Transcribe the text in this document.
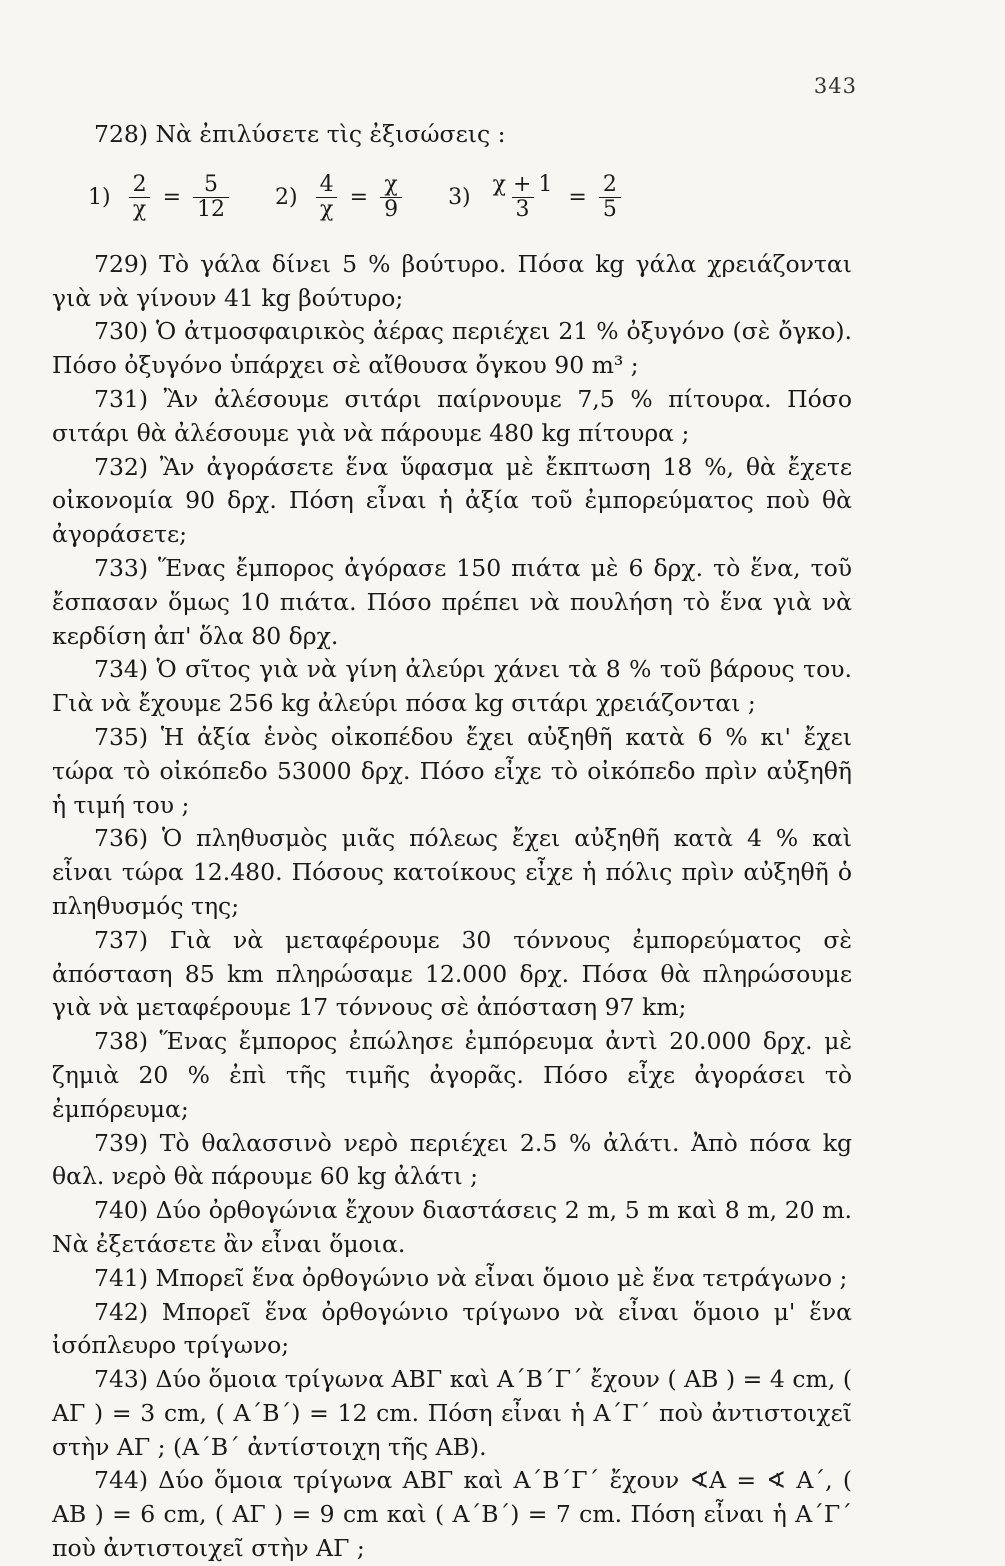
343

728) Νὰ ἐπιλύσετε τὶς ἐξισώσεις :

$1) \frac{2}{\chi} = \frac{5}{12} 2) \frac{4}{\chi} = \frac{\chi}{9} 3) \frac{\chi + 1}{3} = \frac{2}{5}$

729) Τὸ γάλα δίνει 5 % βούτυρο. Πόσα kg γάλα χρειάζονται γιὰ νὰ γίνουν 41 kg βούτυρο;

730) Ὁ ἀτμοσφαιρικὸς ἀέρας περιέχει 21 % ὀξυγόνο (σὲ ὄγκο). Πόσο ὀξυγόνο ὑπάρχει σὲ αἴθουσα ὄγκου 90 m³ ;

731) Ἂν ἀλέσουμε σιτάρι παίρνουμε 7,5 % πίτουρα. Πόσο σιτάρι θὰ ἀλέσουμε γιὰ νὰ πάρουμε 480 kg πίτουρα ;

732) Ἂν ἀγοράσετε ἕνα ὕφασμα μὲ ἔκπτωση 18 %, θὰ ἔχετε οἰκονομία 90 δρχ. Πόση εἶναι ἡ ἀξία τοῦ ἐμπορεύματος ποὺ θὰ ἀγοράσετε;

733) Ἕνας ἔμπορος ἀγόρασε 150 πιάτα μὲ 6 δρχ. τὸ ἕνα, τοῦ ἔσπασαν ὅμως 10 πιάτα. Πόσο πρέπει νὰ πουλήση τὸ ἕνα γιὰ νὰ κερδίση ἀπ' ὅλα 80 δρχ.

734) Ὁ σῖτος γιὰ νὰ γίνη ἀλεύρι χάνει τὰ 8 % τοῦ βάρους του. Γιὰ νὰ ἔχουμε 256 kg ἀλεύρι πόσα kg σιτάρι χρειάζονται ;

735) Ἡ ἀξία ἑνὸς οἰκοπέδου ἔχει αὐξηθῆ κατὰ 6 % κι' ἔχει τώρα τὸ οἰκόπεδο 53000 δρχ. Πόσο εἶχε τὸ οἰκόπεδο πρὶν αὐξηθῆ ἡ τιμή του ;

736) Ὁ πληθυσμὸς μιᾶς πόλεως ἔχει αὐξηθῆ κατὰ 4 % καὶ εἶναι τώρα 12.480. Πόσους κατοίκους εἶχε ἡ πόλις πρὶν αὐξηθῆ ὁ πληθυσμός της;

737) Γιὰ νὰ μεταφέρουμε 30 τόννους ἐμπορεύματος σὲ ἀπόσταση 85 km πληρώσαμε 12.000 δρχ. Πόσα θὰ πληρώσουμε γιὰ νὰ μεταφέρουμε 17 τόννους σὲ ἀπόσταση 97 km;

738) Ἕνας ἔμπορος ἐπώλησε ἐμπόρευμα ἀντὶ 20.000 δρχ. μὲ ζημιὰ 20 % ἐπὶ τῆς τιμῆς ἀγορᾶς. Πόσο εἶχε ἀγοράσει τὸ ἐμπόρευμα;

739) Τὸ θαλασσινὸ νερὸ περιέχει 2.5 % ἀλάτι. Ἀπὸ πόσα kg θαλ. νερὸ θὰ πάρουμε 60 kg ἀλάτι ;

740) Δύο ὀρθογώνια ἔχουν διαστάσεις 2 m, 5 m καὶ 8 m, 20 m. Νὰ ἐξετάσετε ἂν εἶναι ὅμοια.

741) Μπορεῖ ἕνα ὀρθογώνιο νὰ εἶναι ὅμοιο μὲ ἕνα τετράγωνο ;

742) Μπορεῖ ἕνα ὀρθογώνιο τρίγωνο νὰ εἶναι ὅμοιο μ' ἕνα ἰσόπλευρο τρίγωνο;

743) Δύο ὅμοια τρίγωνα ΑΒΓ καὶ Α΄Β΄Γ΄ ἔχουν ( ΑΒ ) = 4 cm, ( ΑΓ ) = 3 cm, ( Α΄Β΄) = 12 cm. Πόση εἶναι ἡ Α΄Γ΄ ποὺ ἀντιστοιχεῖ στὴν ΑΓ ; (Α΄Β΄ ἀντίστοιχη τῆς ΑΒ).

744) Δύο ὅμοια τρίγωνα ΑΒΓ καὶ Α΄Β΄Γ΄ ἔχουν ∢Α = ∢ Α΄, ( ΑΒ ) = 6 cm, ( ΑΓ ) = 9 cm καὶ ( Α΄Β΄) = 7 cm. Πόση εἶναι ἡ Α΄Γ΄ ποὺ ἀντιστοιχεῖ στὴν ΑΓ ;
